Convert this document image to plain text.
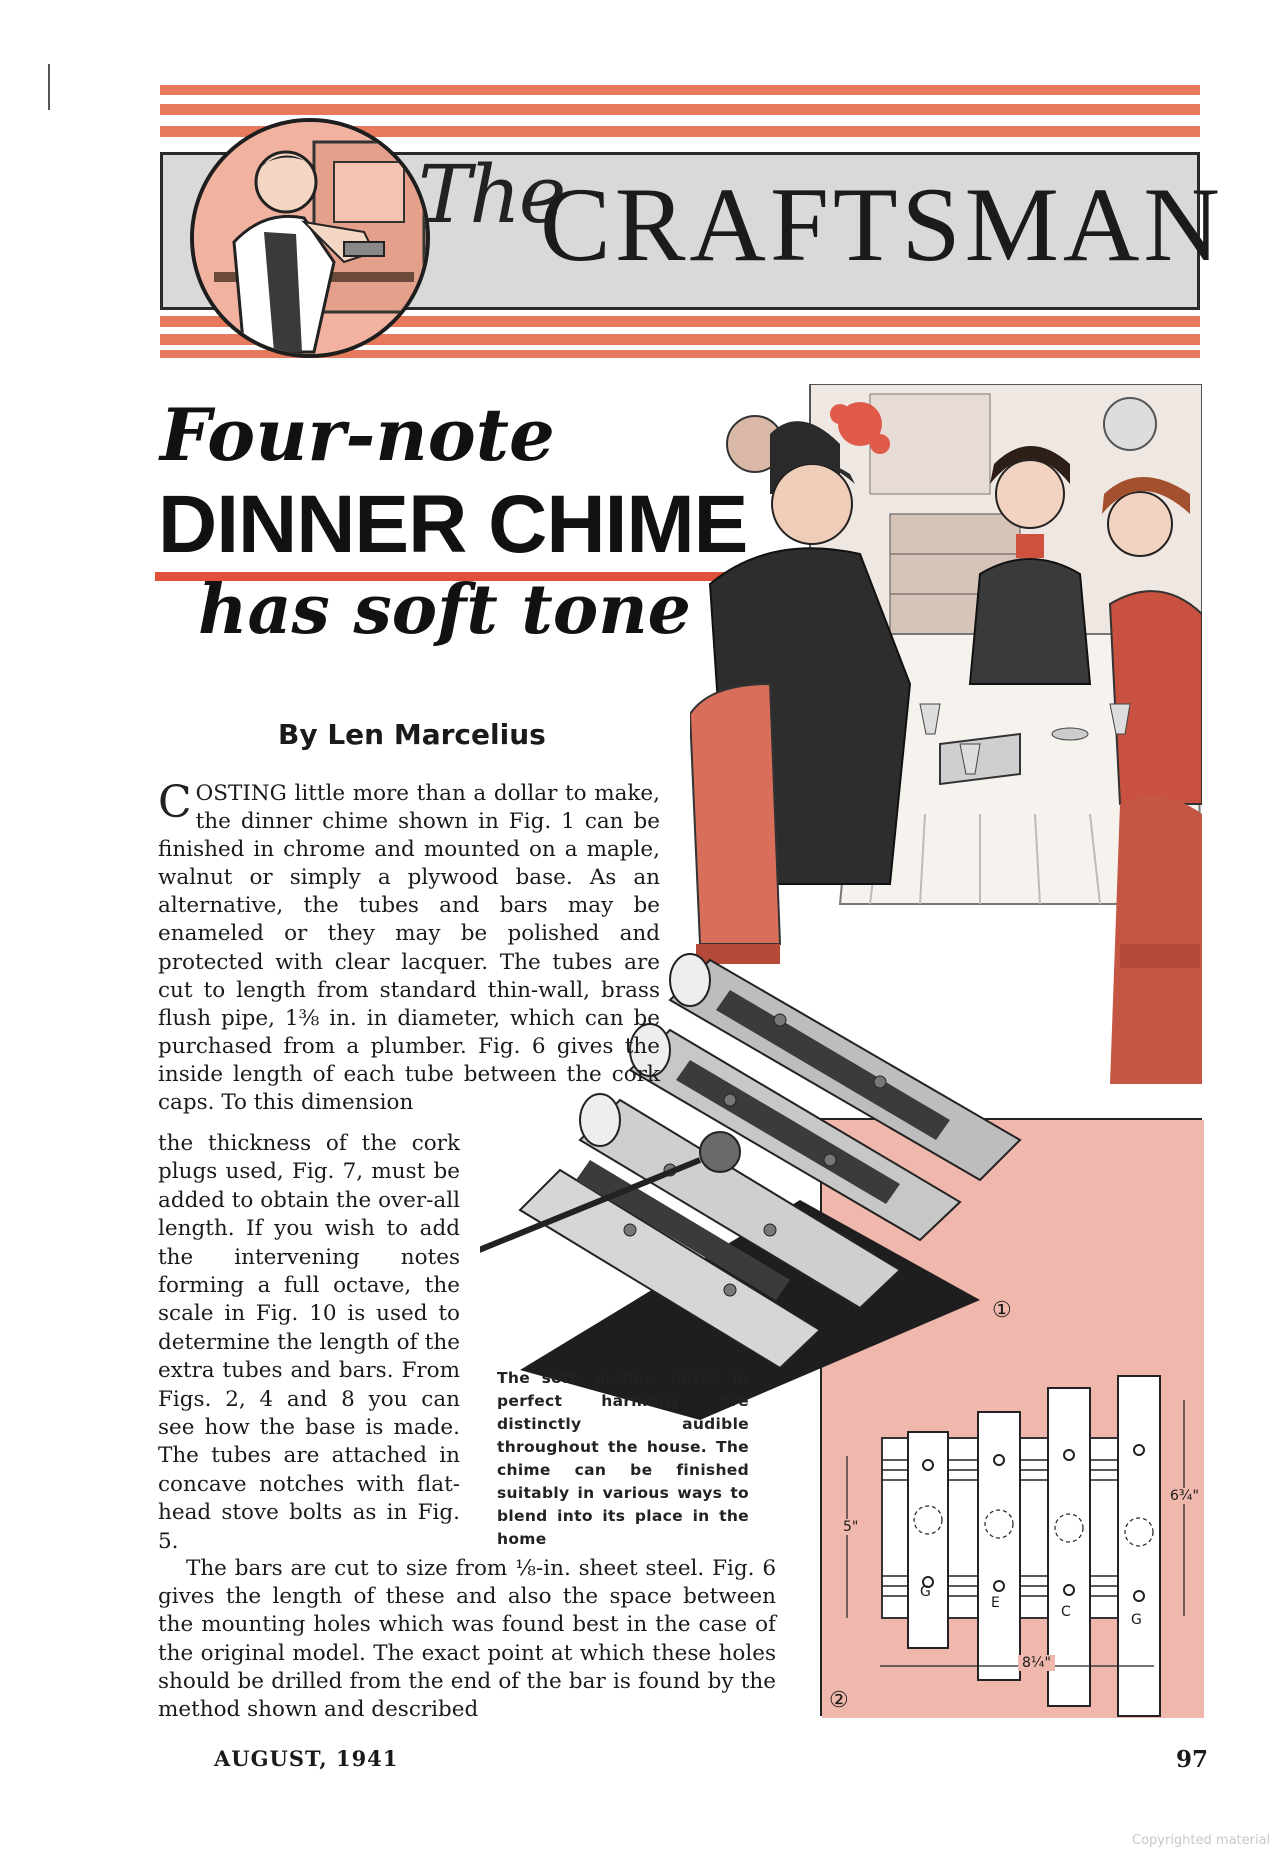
The
CRAFTSMAN
Four-note
DINNER CHIME
has soft tone
By Len Marcelius
①
②
G
E
C	G
5"
6¾"
8¼"

COSTING little more than a dollar to make, the dinner chime shown in Fig. 1 can be finished in chrome and mounted on a maple, walnut or simply a plywood base. As an alternative, the tubes and bars may be enameled or they may be polished and protected with clear lacquer. The tubes are cut to length from standard thin-wall, brass flush pipe, 1⅜ in. in diameter, which can be purchased from a plumber. Fig. 6 gives the inside length of each tube between the cork caps. To this dimension

the thickness of the cork plugs used, Fig. 7, must be added to obtain the over-all length. If you wish to add the intervening notes forming a full octave, the scale in Fig. 10 is used to determine the length of the extra tubes and bars. From Figs. 2, 4 and 8 you can see how the base is made. The tubes are attached in concave notches with flat-head stove bolts as in Fig. 5.

The soft, mellow notes in perfect harmony are distinctly audible throughout the house. The chime can be finished suitably in various ways to blend into its place in the home

The bars are cut to size from ⅛-in. sheet steel. Fig. 6 gives the length of these and also the space between the mounting holes which was found best in the case of the original model. The exact point at which these holes should be drilled from the end of the bar is found by the method shown and described

AUGUST, 1941	97
Copyrighted material
